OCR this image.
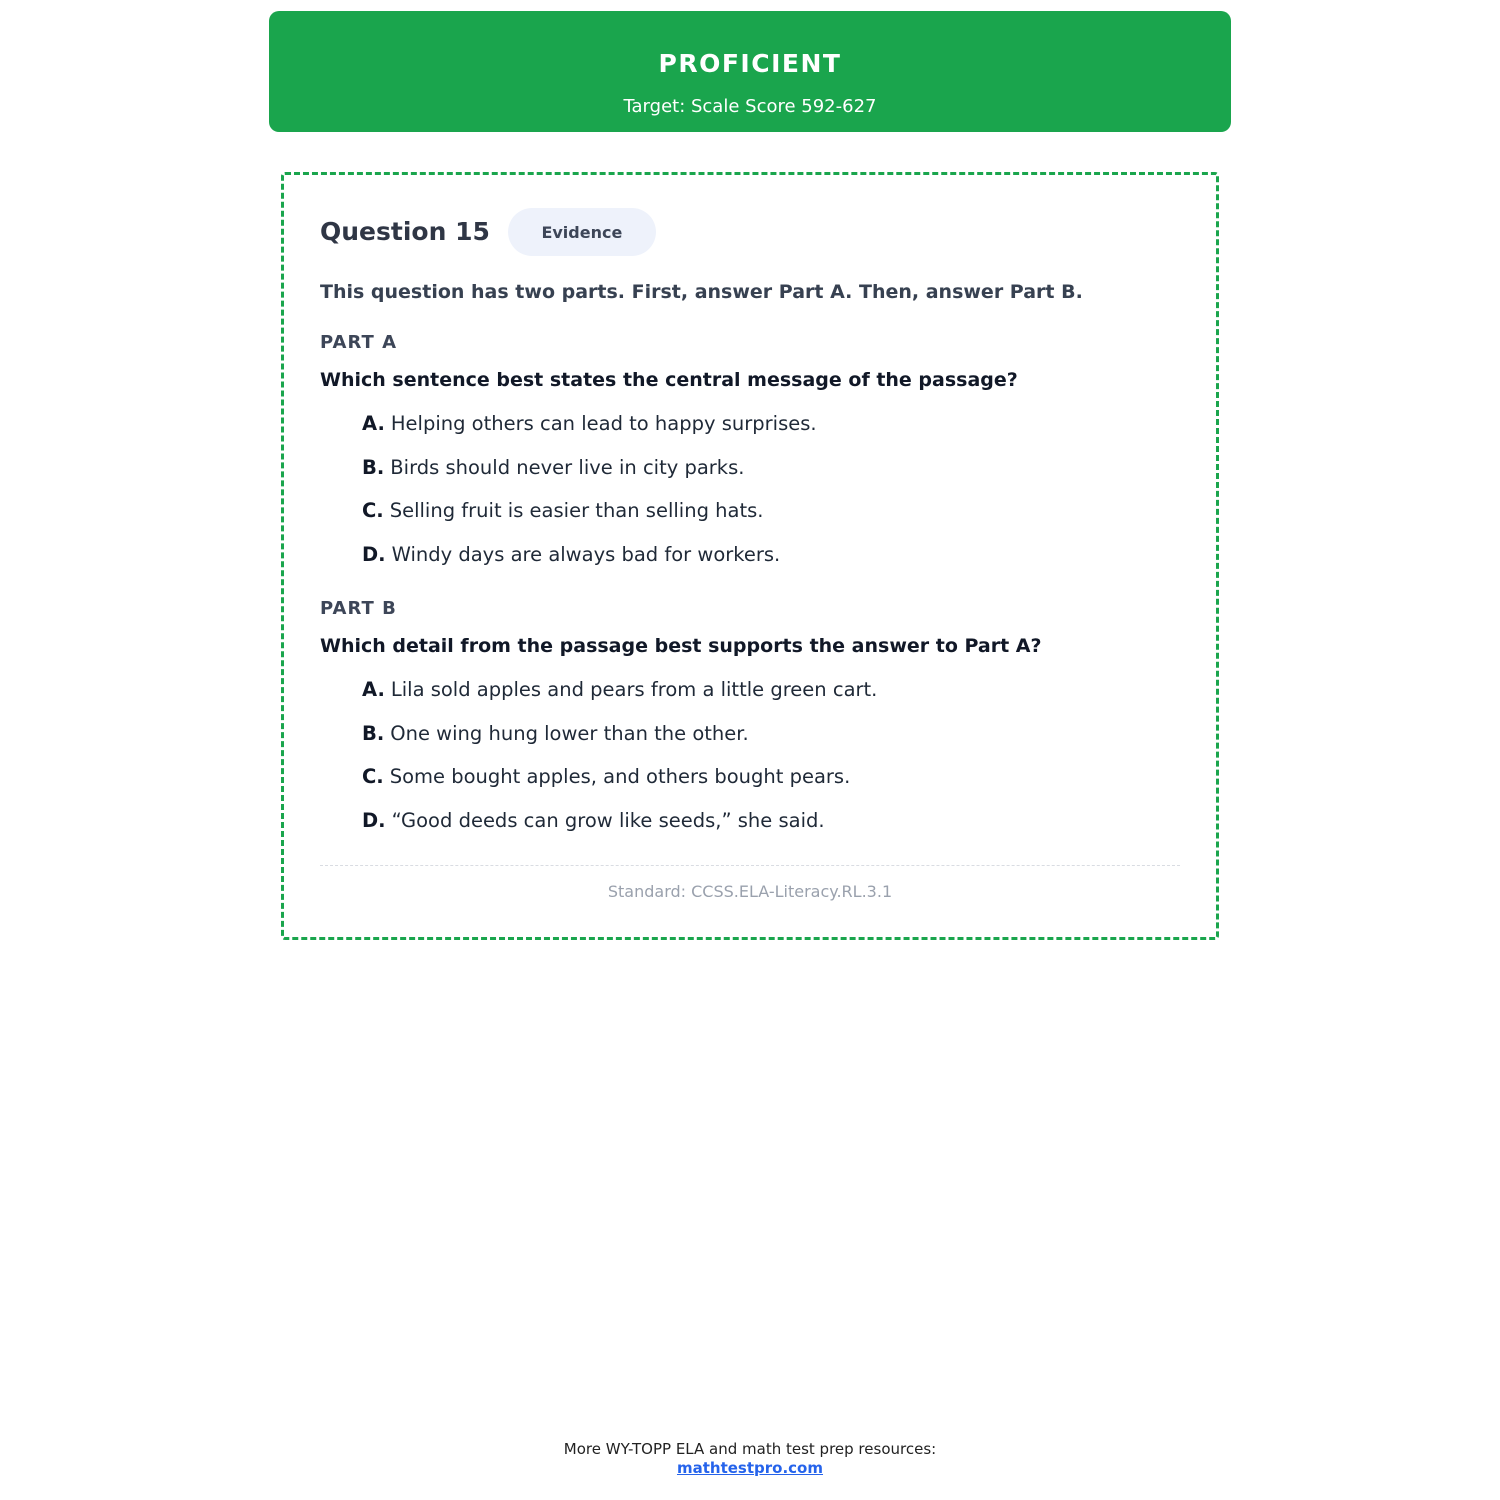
PROFICIENT
Target: Scale Score 592-627
Question 15	Evidence
This question has two parts. First, answer Part A. Then, answer Part B.
PART A
Which sentence best states the central message of the passage?
A. Helping others can lead to happy surprises.
B. Birds should never live in city parks.
C. Selling fruit is easier than selling hats.
D. Windy days are always bad for workers.
PART B
Which detail from the passage best supports the answer to Part A?
A. Lila sold apples and pears from a little green cart.
B. One wing hung lower than the other.
C. Some bought apples, and others bought pears.
D. “Good deeds can grow like seeds,” she said.
Standard: CCSS.ELA-Literacy.RL.3.1
More WY-TOPP ELA and math test prep resources:
mathtestpro.com
